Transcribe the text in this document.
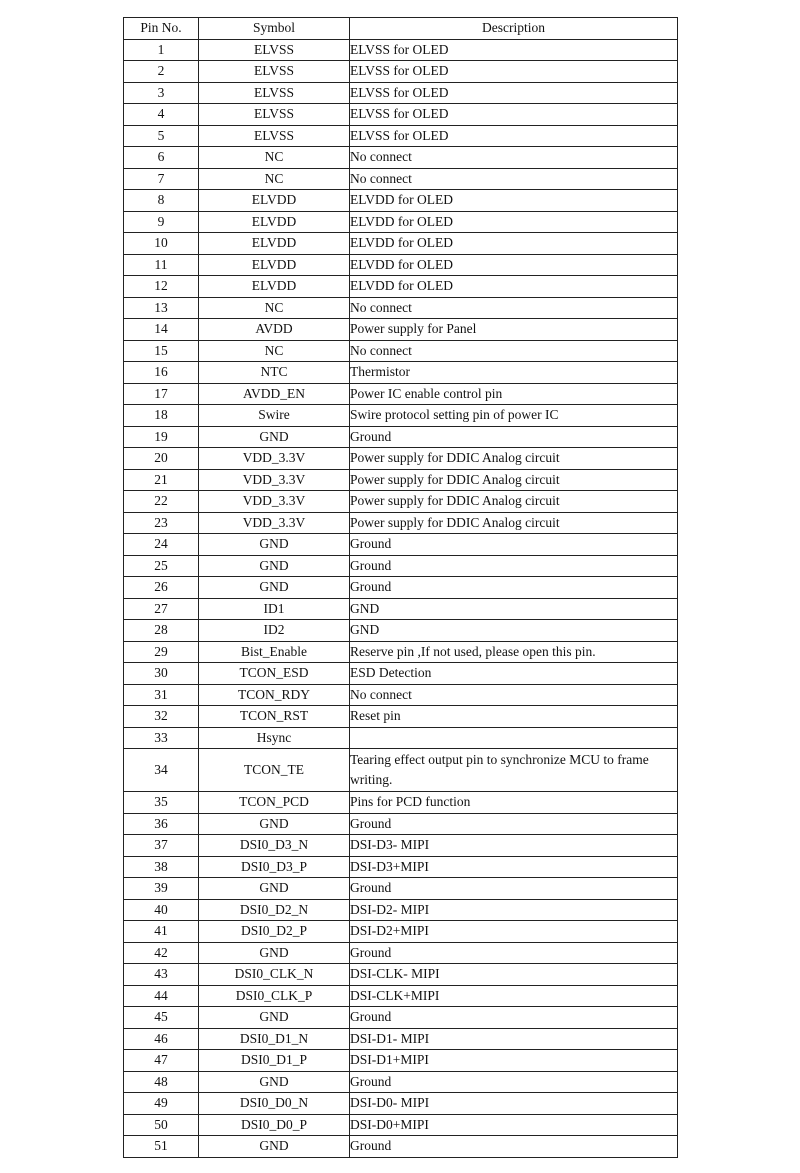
Pin No.	Symbol	Description
1	ELVSS	ELVSS for OLED
2	ELVSS	ELVSS for OLED
3	ELVSS	ELVSS for OLED
4	ELVSS	ELVSS for OLED
5	ELVSS	ELVSS for OLED
6	NC	No connect
7	NC	No connect
8	ELVDD	ELVDD for OLED
9	ELVDD	ELVDD for OLED
10	ELVDD	ELVDD for OLED
11	ELVDD	ELVDD for OLED
12	ELVDD	ELVDD for OLED
13	NC	No connect
14	AVDD	Power supply for Panel
15	NC	No connect
16	NTC	Thermistor
17	AVDD_EN	Power IC enable control pin
18	Swire	Swire protocol setting pin of power IC
19	GND	Ground
20	VDD_3.3V	Power supply for DDIC Analog circuit
21	VDD_3.3V	Power supply for DDIC Analog circuit
22	VDD_3.3V	Power supply for DDIC Analog circuit
23	VDD_3.3V	Power supply for DDIC Analog circuit
24	GND	Ground
25	GND	Ground
26	GND	Ground
27	ID1	GND
28	ID2	GND
29	Bist_Enable	Reserve pin ,If not used, please open this pin.
30	TCON_ESD	ESD Detection
31	TCON_RDY	No connect
32	TCON_RST	Reset pin
33	Hsync	
34	TCON_TE	Tearing effect output pin to synchronize MCU to frame writing.
35	TCON_PCD	Pins for PCD function
36	GND	Ground
37	DSI0_D3_N	DSI-D3- MIPI
38	DSI0_D3_P	DSI-D3+MIPI
39	GND	Ground
40	DSI0_D2_N	DSI-D2- MIPI
41	DSI0_D2_P	DSI-D2+MIPI
42	GND	Ground
43	DSI0_CLK_N	DSI-CLK- MIPI
44	DSI0_CLK_P	DSI-CLK+MIPI
45	GND	Ground
46	DSI0_D1_N	DSI-D1- MIPI
47	DSI0_D1_P	DSI-D1+MIPI
48	GND	Ground
49	DSI0_D0_N	DSI-D0- MIPI
50	DSI0_D0_P	DSI-D0+MIPI
51	GND	Ground
